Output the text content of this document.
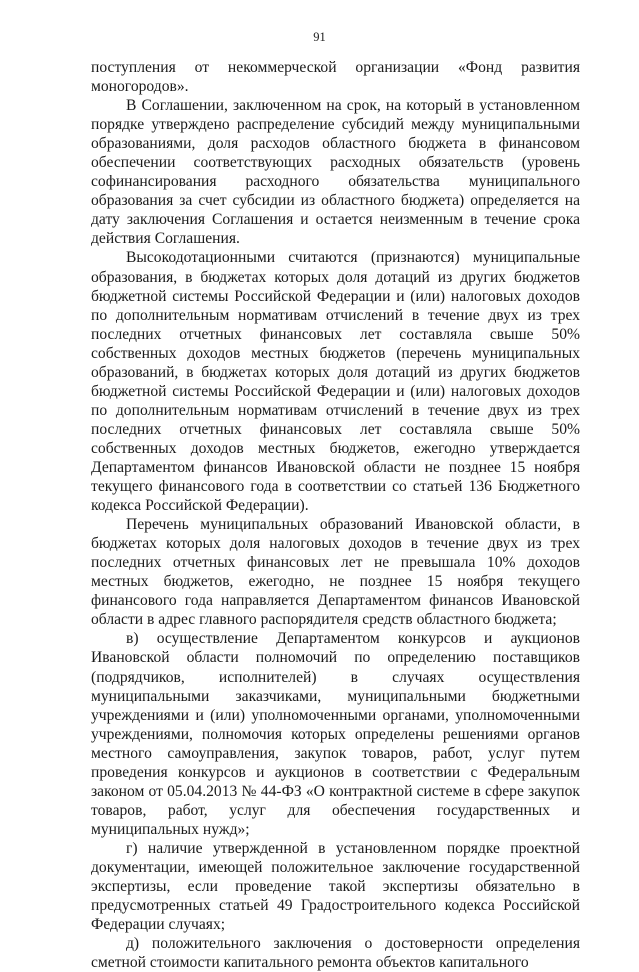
91

поступления от некоммерческой организации «Фонд развития моногородов».

В Соглашении, заключенном на срок, на который в установленном порядке утверждено распределение субсидий между муниципальными образованиями, доля расходов областного бюджета в финансовом обеспечении соответствующих расходных обязательств (уровень софинансирования расходного обязательства муниципального образования за счет субсидии из областного бюджета) определяется на дату заключения Соглашения и остается неизменным в течение срока действия Соглашения.

Высокодотационными считаются (признаются) муниципальные образования, в бюджетах которых доля дотаций из других бюджетов бюджетной системы Российской Федерации и (или) налоговых доходов по дополнительным нормативам отчислений в течение двух из трех последних отчетных финансовых лет составляла свыше 50% собственных доходов местных бюджетов (перечень муниципальных образований, в бюджетах которых доля дотаций из других бюджетов бюджетной системы Российской Федерации и (или) налоговых доходов по дополнительным нормативам отчислений в течение двух из трех последних отчетных финансовых лет составляла свыше 50% собственных доходов местных бюджетов, ежегодно утверждается Департаментом финансов Ивановской области не позднее 15 ноября текущего финансового года в соответствии со статьей 136 Бюджетного кодекса Российской Федерации).

Перечень муниципальных образований Ивановской области, в бюджетах которых доля налоговых доходов в течение двух из трех последних отчетных финансовых лет не превышала 10% доходов местных бюджетов, ежегодно, не позднее 15 ноября текущего финансового года направляется Департаментом финансов Ивановской области в адрес главного распорядителя средств областного бюджета;

в) осуществление Департаментом конкурсов и аукционов Ивановской области полномочий по определению поставщиков (подрядчиков, исполнителей) в случаях осуществления муниципальными заказчиками, муниципальными бюджетными учреждениями и (или) уполномоченными органами, уполномоченными учреждениями, полномочия которых определены решениями органов местного самоуправления, закупок товаров, работ, услуг путем проведения конкурсов и аукционов в соответствии с Федеральным законом от 05.04.2013 № 44-ФЗ «О контрактной системе в сфере закупок товаров, работ, услуг для обеспечения государственных и муниципальных нужд»;

г) наличие утвержденной в установленном порядке проектной документации, имеющей положительное заключение государственной экспертизы, если проведение такой экспертизы обязательно в предусмотренных статьей 49 Градостроительного кодекса Российской Федерации случаях;

д) положительного заключения о достоверности определения сметной стоимости капитального ремонта объектов капитального
